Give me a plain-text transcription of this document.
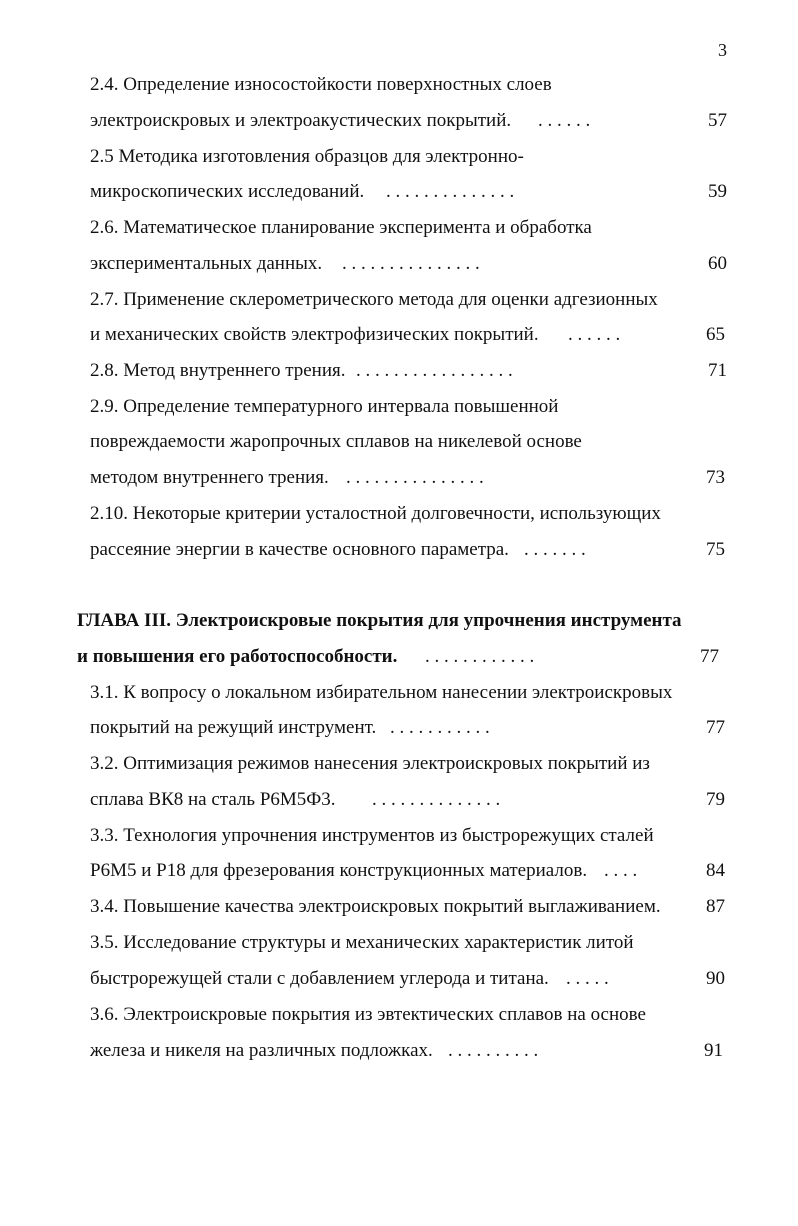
3
2.4. Определение износостойкости поверхностных слоев
электроискровых и электроакустических покрытий. . . . . . .	57
2.5 Методика изготовления образцов для электронно-
микроскопических исследований. . . . . . . . . . . . . . .	59
2.6. Математическое планирование эксперимента и обработка
экспериментальных данных. . . . . . . . . . . . . . . .	60
2.7. Применение склерометрического метода для оценки адгезионных
и механических свойств электрофизических покрытий. . . . . . .	65
2.8. Метод внутреннего трения. . . . . . . . . . . . . . . . . .	71
2.9. Определение температурного интервала повышенной
повреждаемости жаропрочных сплавов на никелевой основе
методом внутреннего трения. . . . . . . . . . . . . . . .	73
2.10. Некоторые критерии усталостной долговечности, использующих
рассеяние энергии в качестве основного параметра. . . . . . . .	75
ГЛАВА III. Электроискровые покрытия для упрочнения инструмента
и повышения его работоспособности. . . . . . . . . . . . .	77
3.1. К вопросу о локальном избирательном нанесении электроискровых
покрытий на режущий инструмент. . . . . . . . . . . .	77
3.2. Оптимизация режимов нанесения электроискровых покрытий из
сплава ВК8 на сталь Р6М5Ф3. . . . . . . . . . . . . . .	79
3.3. Технология упрочнения инструментов из быстрорежущих сталей
Р6М5 и Р18 для фрезерования конструкционных материалов. . . . .	84
3.4. Повышение качества электроискровых покрытий выглаживанием. 87
3.5. Исследование структуры и механических характеристик литой
быстрорежущей стали с добавлением углерода и титана. . . . . .	90
3.6. Электроискровые покрытия из эвтектических сплавов на основе
железа и никеля на различных подложках. . . . . . . . . . .	91
